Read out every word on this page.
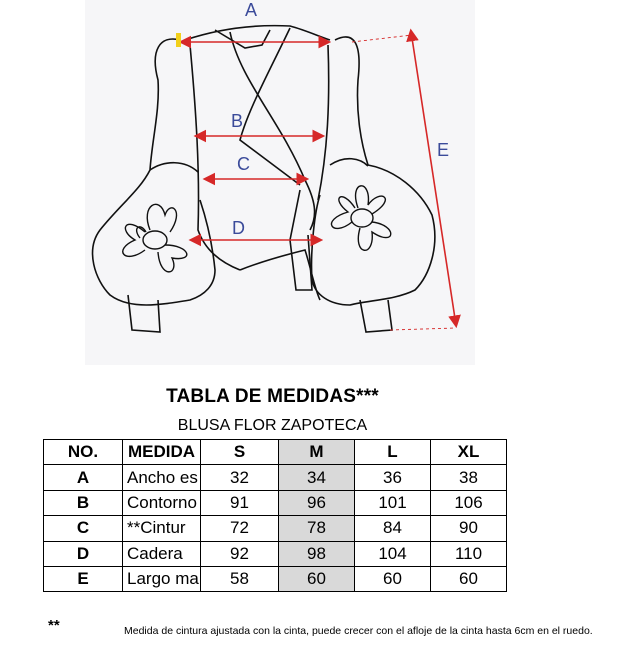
A
B
C
D
E
TABLA DE MEDIDAS***
BLUSA FLOR ZAPOTECA
NO.	MEDIDA	S	M	L	XL
A	Ancho es	32	34	36	38
B	Contorno	91	96	101	106
C	**Cintur	72	78	84	90
D	Cadera	92	98	104	110
E	Largo ma	58	60	60	60
**	Medida de cintura ajustada con la cinta, puede crecer con el afloje de la cinta hasta 6cm en el ruedo.
